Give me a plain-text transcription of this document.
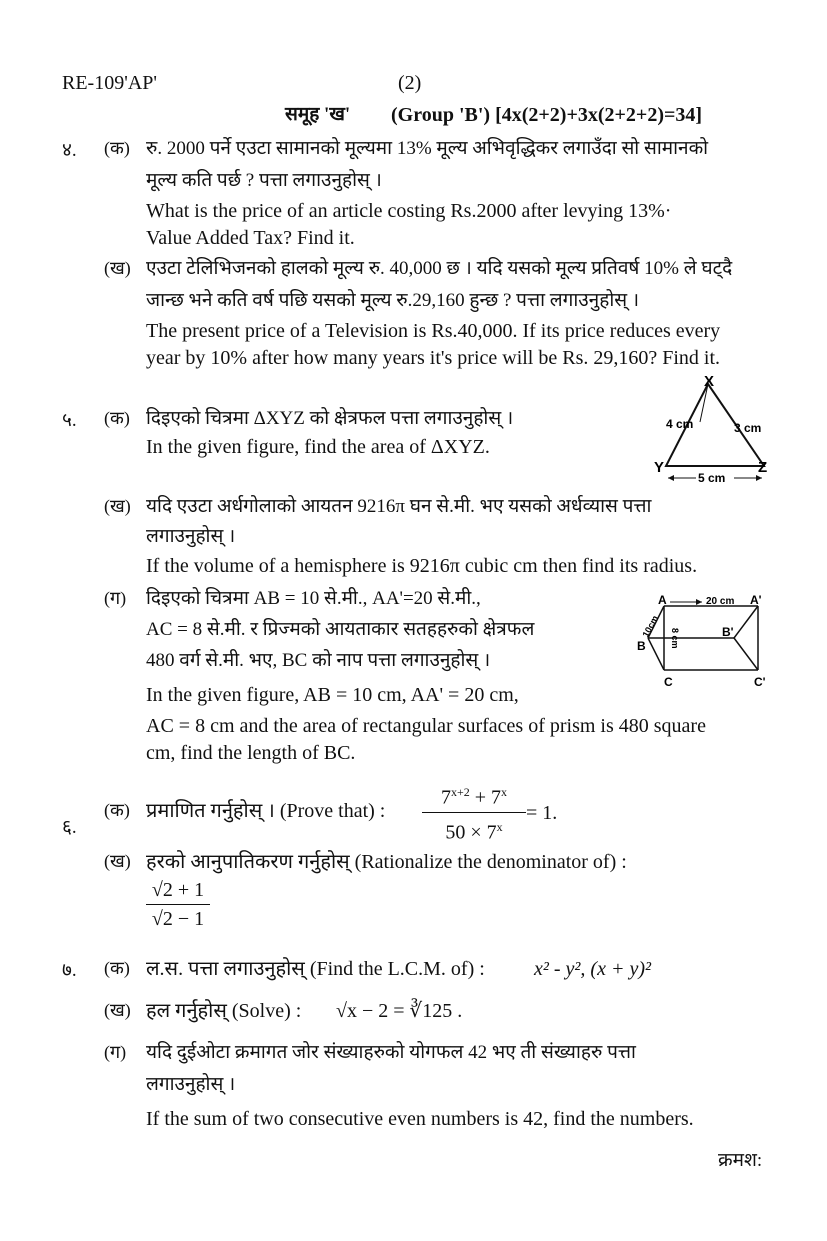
RE-109'AP'	(2)
समूह 'ख' (Group 'B') [4x(2+2)+3x(2+2+2)=34]
४. (क) रु. 2000 पर्ने एउटा सामानको मूल्यमा 13% मूल्य अभिवृद्धिकर लगाउँदा सो सामानको
मूल्य कति पर्छ ? पत्ता लगाउनुहोस् ।
What is the price of an article costing Rs.2000 after levying 13%·
Value Added Tax? Find it.
(ख) एउटा टेलिभिजनको हालको मूल्य रु. 40,000 छ । यदि यसको मूल्य प्रतिवर्ष 10% ले घट्दै
जान्छ भने कति वर्ष पछि यसको मूल्य रु.29,160 हुन्छ ? पत्ता लगाउनुहोस् ।
The present price of a Television is Rs.40,000. If its price reduces every
year by 10% after how many years it's price will be Rs. 29,160? Find it.
५. (क) दिइएको चित्रमा ΔXYZ को क्षेत्रफल पत्ता लगाउनुहोस् ।
In the given figure, find the area of ΔXYZ.
X
Y	Z
4 cm	3 cm
5 cm
(ख) यदि एउटा अर्धगोलाको आयतन 9216π घन से.मी. भए यसको अर्धव्यास पत्ता
लगाउनुहोस् ।
If the volume of a hemisphere is 9216π cubic cm then find its radius.
(ग) दिइएको चित्रमा AB = 10 से.मी., AA'=20 से.मी.,
AC = 8 से.मी. र प्रिज्मको आयताकार सतहहरुको क्षेत्रफल
480 वर्ग से.मी. भए, BC को नाप पत्ता लगाउनुहोस् ।
In the given figure, AB = 10 cm, AA' = 20 cm,
AC = 8 cm and the area of rectangular surfaces of prism is 480 square
cm, find the length of BC.
A	20 cm A'
B
B'
C	C'
10cm 8 cm
६.
(क) प्रमाणित गर्नुहोस् । (Prove that) :
$7^{x+2} + 7^x$
$50 \times 7^x$
= 1.
(ख) हरको आनुपातिकरण गर्नुहोस् (Rationalize the denominator of) :
√2 + 1
√2 − 1
७. (क) ल.स. पत्ता लगाउनुहोस् (Find the L.C.M. of) : x² - y², (x + y)²
(ख) हल गर्नुहोस् (Solve) : √x − 2 = ∛125 .
(ग) यदि दुईओटा क्रमागत जोर संख्याहरुको योगफल 42 भए ती संख्याहरु पत्ता
लगाउनुहोस् ।
If the sum of two consecutive even numbers is 42, find the numbers.
क्रमश:
